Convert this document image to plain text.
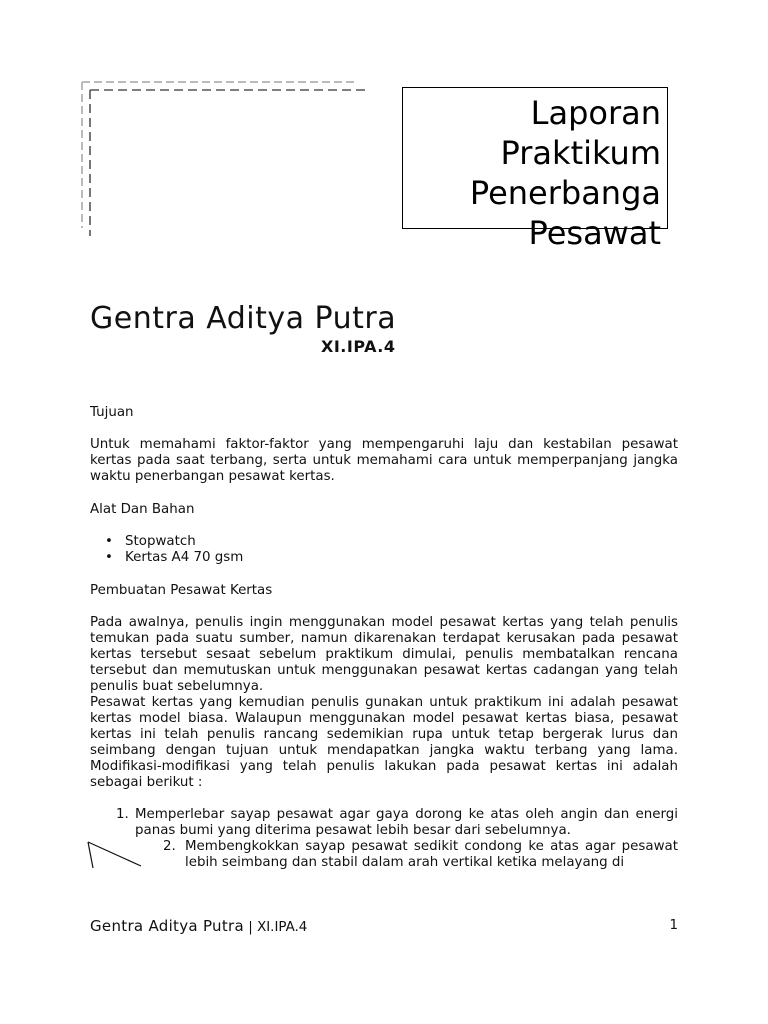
Laporan
Praktikum
Penerbanga
Pesawat
Gentra Aditya Putra
XI.IPA.4
Tujuan
Untuk memahami faktor-faktor yang mempengaruhi laju dan kestabilan pesawat kertas pada saat terbang, serta untuk memahami cara untuk memperpanjang jangka waktu penerbangan pesawat kertas.
Alat Dan Bahan
• Stopwatch
• Kertas A4 70 gsm
Pembuatan Pesawat Kertas
Pada awalnya, penulis ingin menggunakan model pesawat kertas yang telah penulis temukan pada suatu sumber, namun dikarenakan terdapat kerusakan pada pesawat kertas tersebut sesaat sebelum praktikum dimulai, penulis membatalkan rencana tersebut dan memutuskan untuk menggunakan pesawat kertas cadangan yang telah penulis buat sebelumnya.
Pesawat kertas yang kemudian penulis gunakan untuk praktikum ini adalah pesawat kertas model biasa. Walaupun menggunakan model pesawat kertas biasa, pesawat kertas ini telah penulis rancang sedemikian rupa untuk tetap bergerak lurus dan seimbang dengan tujuan untuk mendapatkan jangka waktu terbang yang lama. Modifikasi-modifikasi yang telah penulis lakukan pada pesawat kertas ini adalah sebagai berikut :
1. Memperlebar sayap pesawat agar gaya dorong ke atas oleh angin dan energi panas bumi yang diterima pesawat lebih besar dari sebelumnya.
2. Membengkokkan sayap pesawat sedikit condong ke atas agar pesawat lebih seimbang dan stabil dalam arah vertikal ketika melayang di
Gentra Aditya Putra | XI.IPA.4	1
